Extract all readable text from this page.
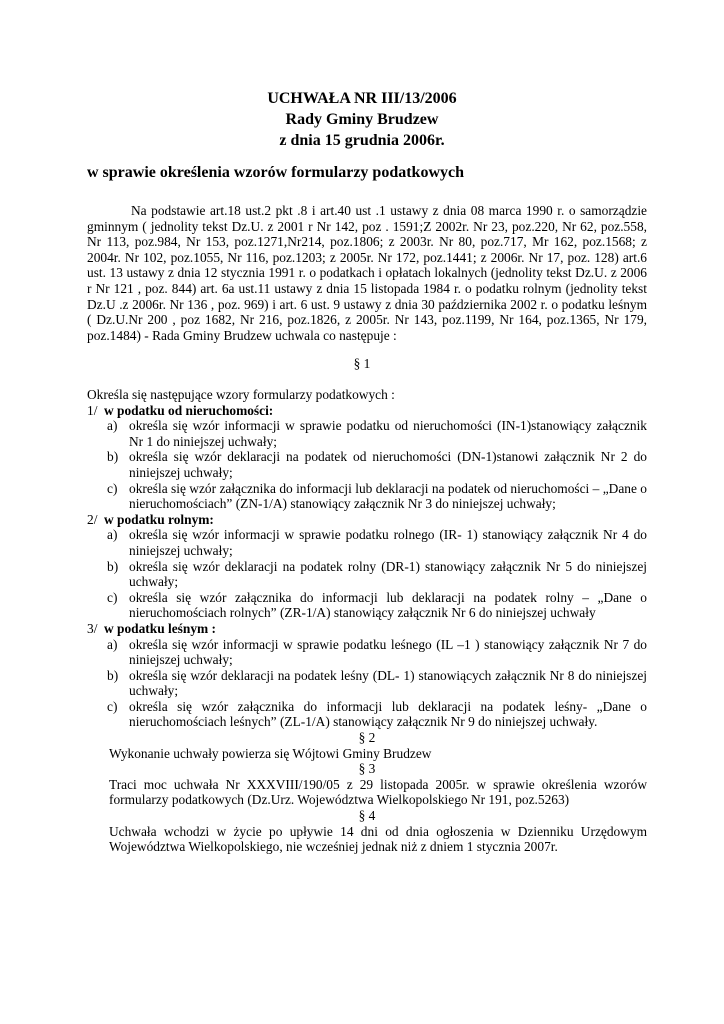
UCHWAŁA NR III/13/2006
Rady Gminy Brudzew
z dnia 15 grudnia 2006r.
w sprawie określenia wzorów formularzy podatkowych

Na podstawie art.18 ust.2 pkt .8 i art.40 ust .1 ustawy z dnia 08 marca 1990 r. o samorządzie gminnym ( jednolity tekst Dz.U. z 2001 r Nr 142, poz . 1591;Z 2002r. Nr 23, poz.220, Nr 62, poz.558, Nr 113, poz.984, Nr 153, poz.1271,Nr214, poz.1806; z 2003r. Nr 80, poz.717, Mr 162, poz.1568; z 2004r. Nr 102, poz.1055, Nr 116, poz.1203; z 2005r. Nr 172, poz.1441; z 2006r. Nr 17, poz. 128) art.6 ust. 13 ustawy z dnia 12 stycznia 1991 r. o podatkach i opłatach lokalnych (jednolity tekst Dz.U. z 2006 r Nr 121 , poz. 844) art. 6a ust.11 ustawy z dnia 15 listopada 1984 r. o podatku rolnym (jednolity tekst Dz.U .z 2006r. Nr 136 , poz. 969) i art. 6 ust. 9 ustawy z dnia 30 października 2002 r. o podatku leśnym ( Dz.U.Nr 200 , poz 1682, Nr 216, poz.1826, z 2005r. Nr 143, poz.1199, Nr 164, poz.1365, Nr 179, poz.1484) - Rada Gminy Brudzew uchwala co następuje :

§ 1
Określa się następujące wzory formularzy podatkowych :
1/ w podatku od nieruchomości:
a) określa się wzór informacji w sprawie podatku od nieruchomości (IN-1)stanowiący załącznik Nr 1 do niniejszej uchwały;
b) określa się wzór deklaracji na podatek od nieruchomości (DN-1)stanowi załącznik Nr 2 do niniejszej uchwały;
c) określa się wzór załącznika do informacji lub deklaracji na podatek od nieruchomości – „Dane o nieruchomościach” (ZN-1/A) stanowiący załącznik Nr 3 do niniejszej uchwały;
2/ w podatku rolnym:
a) określa się wzór informacji w sprawie podatku rolnego (IR- 1) stanowiący załącznik Nr 4 do niniejszej uchwały;
b) określa się wzór deklaracji na podatek rolny (DR-1) stanowiący załącznik Nr 5 do niniejszej uchwały;
c) określa się wzór załącznika do informacji lub deklaracji na podatek rolny – „Dane o nieruchomościach rolnych” (ZR-1/A) stanowiący załącznik Nr 6 do niniejszej uchwały
3/ w podatku leśnym :
a) określa się wzór informacji w sprawie podatku leśnego (IL –1 ) stanowiący załącznik Nr 7 do niniejszej uchwały;
b) określa się wzór deklaracji na podatek leśny (DL- 1) stanowiących załącznik Nr 8 do niniejszej uchwały;
c) określa się wzór załącznika do informacji lub deklaracji na podatek leśny- „Dane o nieruchomościach leśnych” (ZL-1/A) stanowiący załącznik Nr 9 do niniejszej uchwały.
§ 2
Wykonanie uchwały powierza się Wójtowi Gminy Brudzew
§ 3
Traci moc uchwała Nr XXXVIII/190/05 z 29 listopada 2005r. w sprawie określenia wzorów formularzy podatkowych (Dz.Urz. Województwa Wielkopolskiego Nr 191, poz.5263)
§ 4
Uchwała wchodzi w życie po upływie 14 dni od dnia ogłoszenia w Dzienniku Urzędowym Województwa Wielkopolskiego, nie wcześniej jednak niż z dniem 1 stycznia 2007r.
